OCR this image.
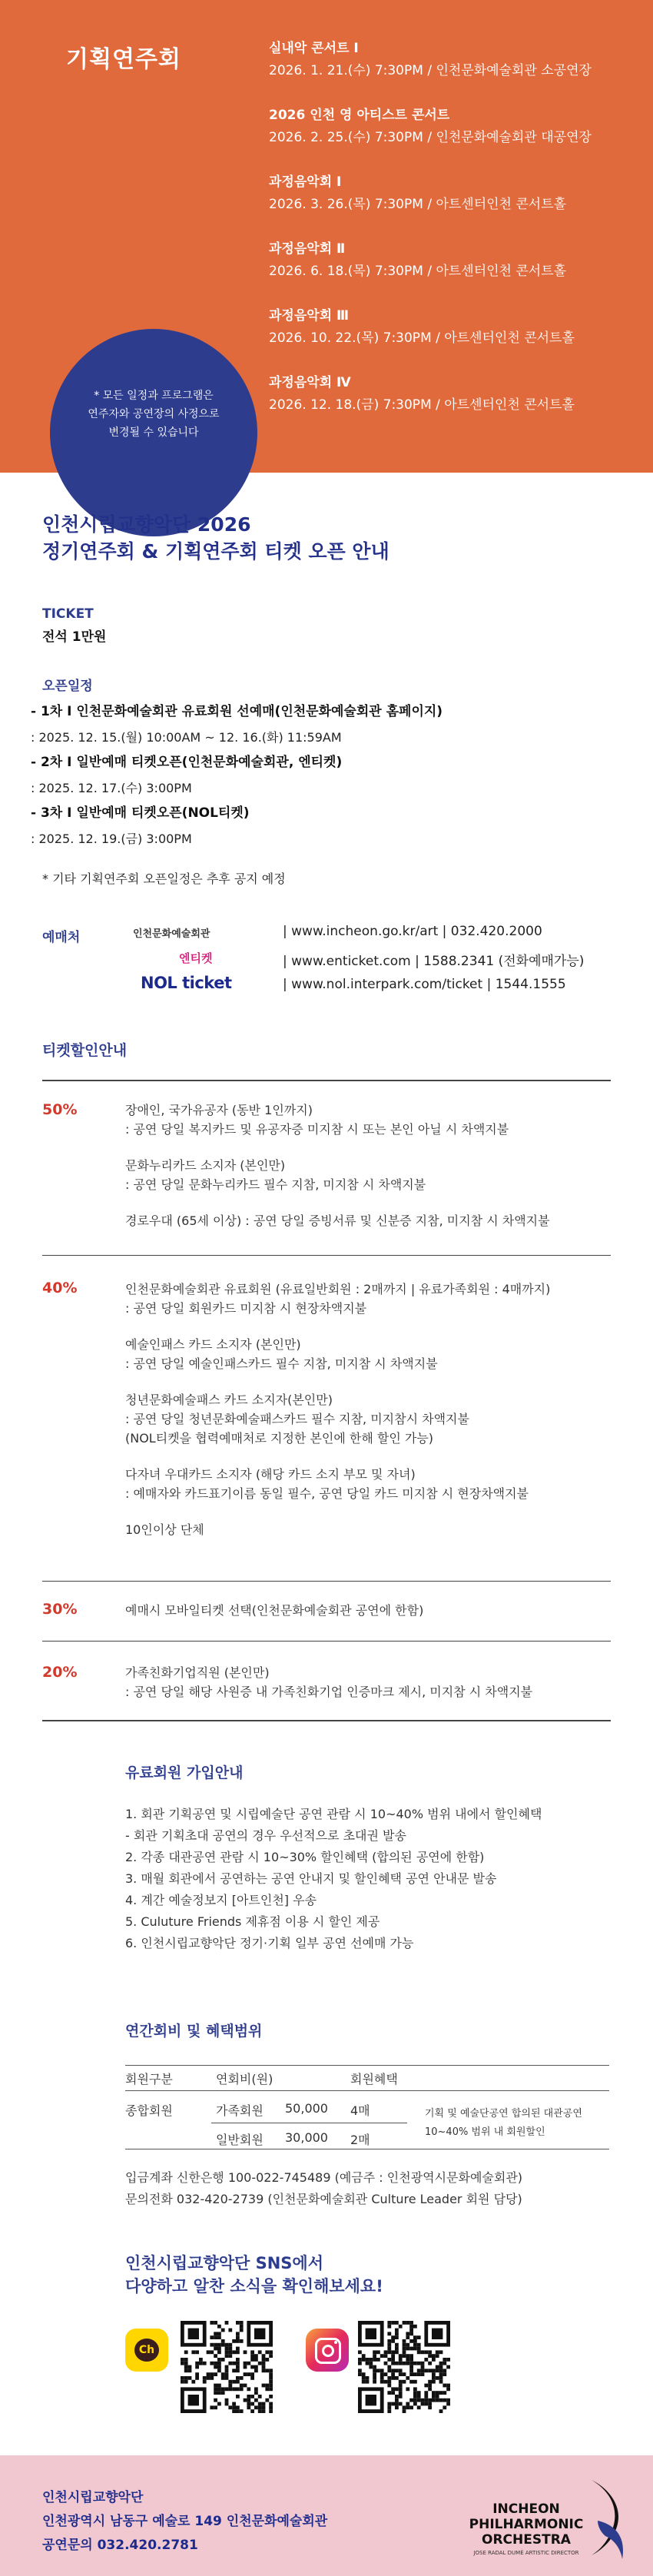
기획연주회	실내악 콘서트 Ⅰ
2026. 1. 21.(수) 7:30PM / 인천문화예술회관 소공연장
2026 인천 영 아티스트 콘서트
2026. 2. 25.(수) 7:30PM / 인천문화예술회관 대공연장
과정음악회 Ⅰ
2026. 3. 26.(목) 7:30PM / 아트센터인천 콘서트홀
과정음악회 Ⅱ
2026. 6. 18.(목) 7:30PM / 아트센터인천 콘서트홀
과정음악회 Ⅲ
2026. 10. 22.(목) 7:30PM / 아트센터인천 콘서트홀
과정음악회 Ⅳ
2026. 12. 18.(금) 7:30PM / 아트센터인천 콘서트홀
* 모든 일정과 프로그램은
연주자와 공연장의 사정으로
변경될 수 있습니다
인천시립교향악단 2026
정기연주회 & 기획연주회 티켓 오픈 안내
TICKET
전석 1만원
오픈일정
- 1차 I 인천문화예술회관 유료회원 선예매(인천문화예술회관 홈페이지)
: 2025. 12. 15.(월) 10:00AM ~ 12. 16.(화) 11:59AM
- 2차 I 일반예매 티켓오픈(인천문화예술회관, 엔티켓)
: 2025. 12. 17.(수) 3:00PM
- 3차 I 일반예매 티켓오픈(NOL티켓)
: 2025. 12. 19.(금) 3:00PM
* 기타 기획연주회 오픈일정은 추후 공지 예정
예매처	인천문화예술회관	| www.incheon.go.kr/art | 032.420.2000
엔티켓	| www.enticket.com | 1588.2341 (전화예매가능)
NOL ticket	| www.nol.interpark.com/ticket | 1544.1555
티켓할인안내
50%	장애인, 국가유공자 (동반 1인까지)
: 공연 당일 복지카드 및 유공자증 미지참 시 또는 본인 아닐 시 차액지불
문화누리카드 소지자 (본인만)
: 공연 당일 문화누리카드 필수 지참, 미지참 시 차액지불
경로우대 (65세 이상) : 공연 당일 증빙서류 및 신분증 지참, 미지참 시 차액지불
40%	인천문화예술회관 유료회원 (유료일반회원 : 2매까지 | 유료가족회원 : 4매까지)
: 공연 당일 회원카드 미지참 시 현장차액지불
예술인패스 카드 소지자 (본인만)
: 공연 당일 예술인패스카드 필수 지참, 미지참 시 차액지불
청년문화예술패스 카드 소지자(본인만)
: 공연 당일 청년문화예술패스카드 필수 지참, 미지참시 차액지불
(NOL티켓을 협력예매처로 지정한 본인에 한해 할인 가능)
다자녀 우대카드 소지자 (해당 카드 소지 부모 및 자녀)
: 예매자와 카드표기이름 동일 필수, 공연 당일 카드 미지참 시 현장차액지불
10인이상 단체
30%	예매시 모바일티켓 선택(인천문화예술회관 공연에 한함)
20%	가족친화기업직원 (본인만)
: 공연 당일 해당 사원증 내 가족친화기업 인증마크 제시, 미지참 시 차액지불
유료회원 가입안내
1. 회관 기획공연 및 시립예술단 공연 관람 시 10~40% 범위 내에서 할인혜택
- 회관 기획초대 공연의 경우 우선적으로 초대권 발송
2. 각종 대관공연 관람 시 10~30% 할인혜택 (합의된 공연에 한함)
3. 매월 회관에서 공연하는 공연 안내지 및 할인혜택 공연 안내문 발송
4. 계간 예술정보지 [아트인천] 우송
5. Culuture Friends 제휴점 이용 시 할인 제공
6. 인천시립교향악단 정기·기획 일부 공연 선예매 가능
연간회비 및 혜택범위
회원구분	연회비(원)	회원혜택
종합회원	가족회원 50,000 4매
일반회원 30,000 2매
기획 및 예술단공연 합의된 대관공연
10~40% 범위 내 회원할인
입금계좌 신한은행 100-022-745489 (예금주 : 인천광역시문화예술회관)
문의전화 032-420-2739 (인천문화예술회관 Culture Leader 회원 담당)
인천시립교향악단 SNS에서
다양하고 알찬 소식을 확인해보세요!
Ch
인천시립교향악단
인천광역시 남동구 예술로 149 인천문화예술회관
공연문의 032.420.2781
INCHEON
PHILHARMONIC
ORCHESTRA
JOSE RADAL DUMÉ ARTISTIC DIRECTOR
